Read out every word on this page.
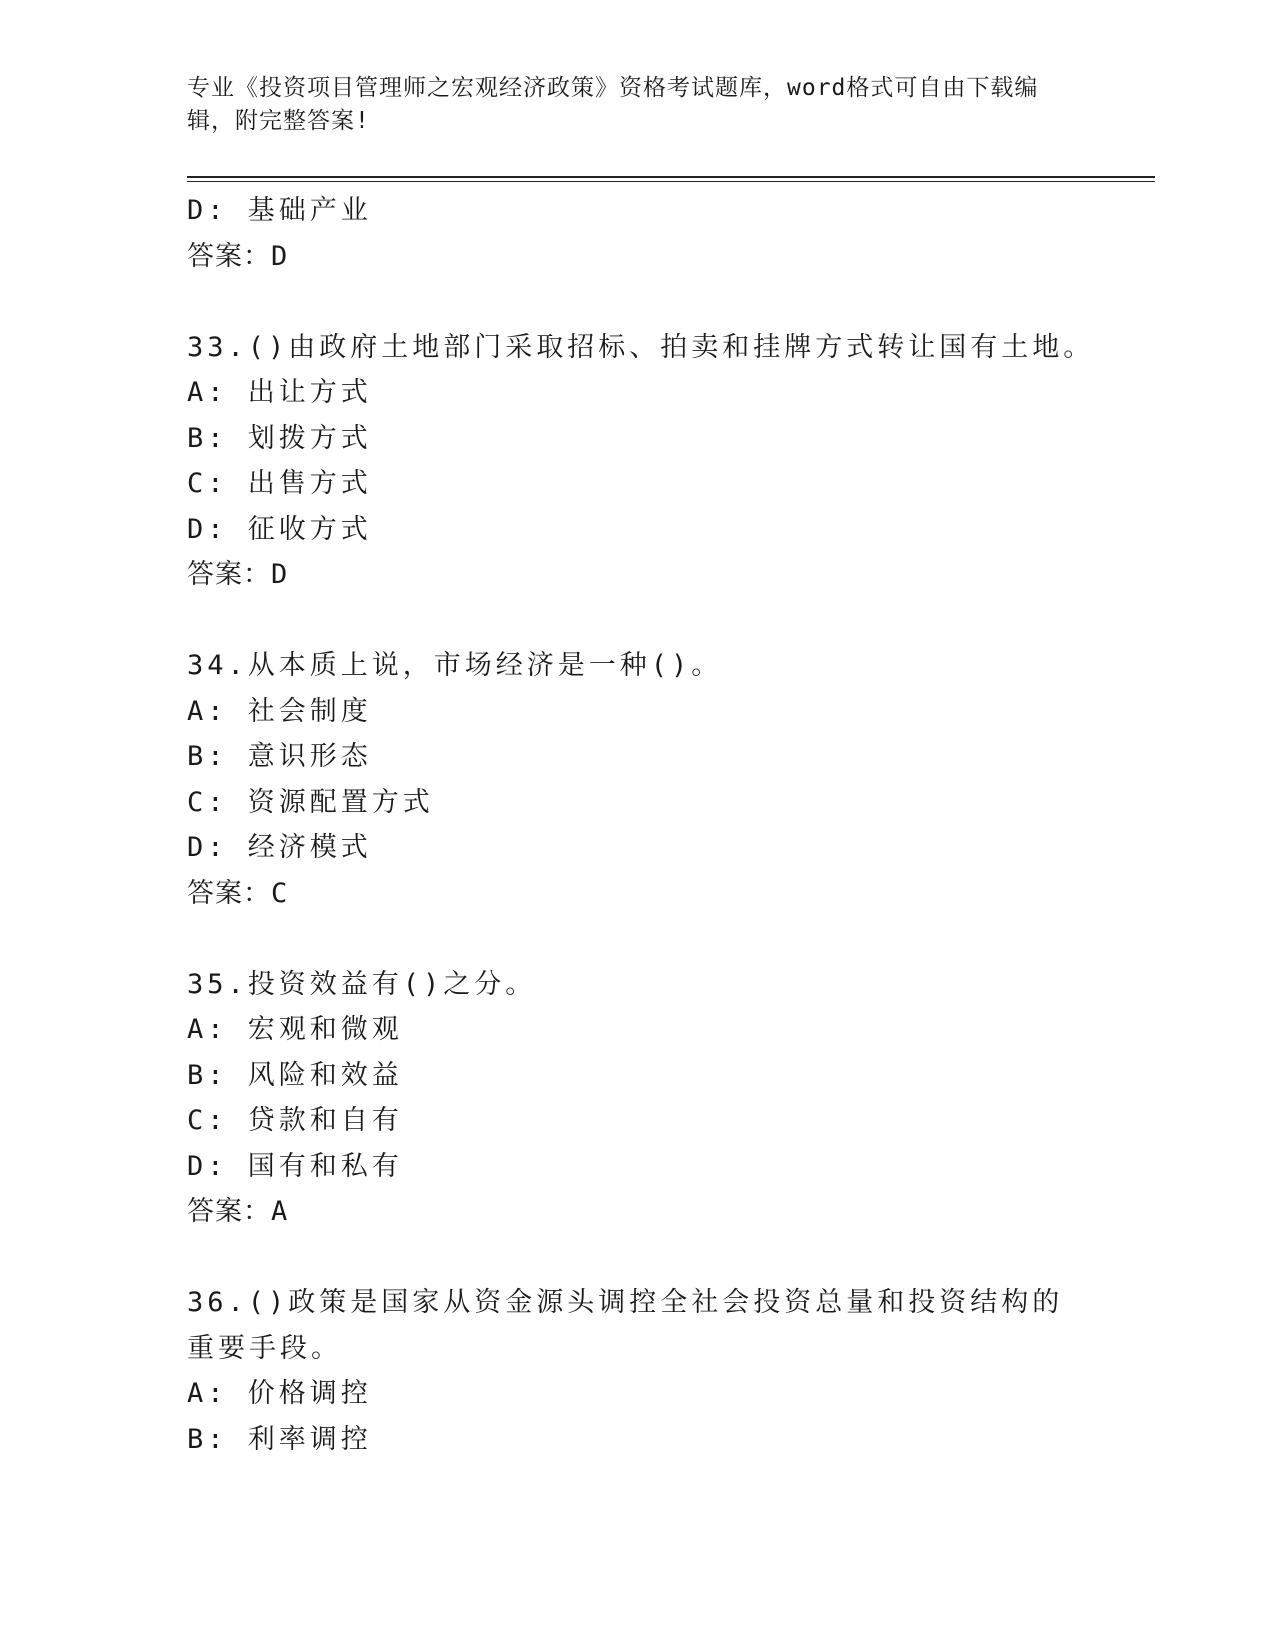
专业《投资项目管理师之宏观经济政策》资格考试题库，word格式可自由下载编辑，附完整答案!
D: 基础产业
答案：D
33.()由政府土地部门采取招标、拍卖和挂牌方式转让国有土地。
A: 出让方式
B: 划拨方式
C: 出售方式
D: 征收方式
答案：D
34.从本质上说，市场经济是一种()。
A: 社会制度
B: 意识形态
C: 资源配置方式
D: 经济模式
答案：C
35.投资效益有()之分。
A: 宏观和微观
B: 风险和效益
C: 贷款和自有
D: 国有和私有
答案：A
36.()政策是国家从资金源头调控全社会投资总量和投资结构的重要手段。
A: 价格调控
B: 利率调控
